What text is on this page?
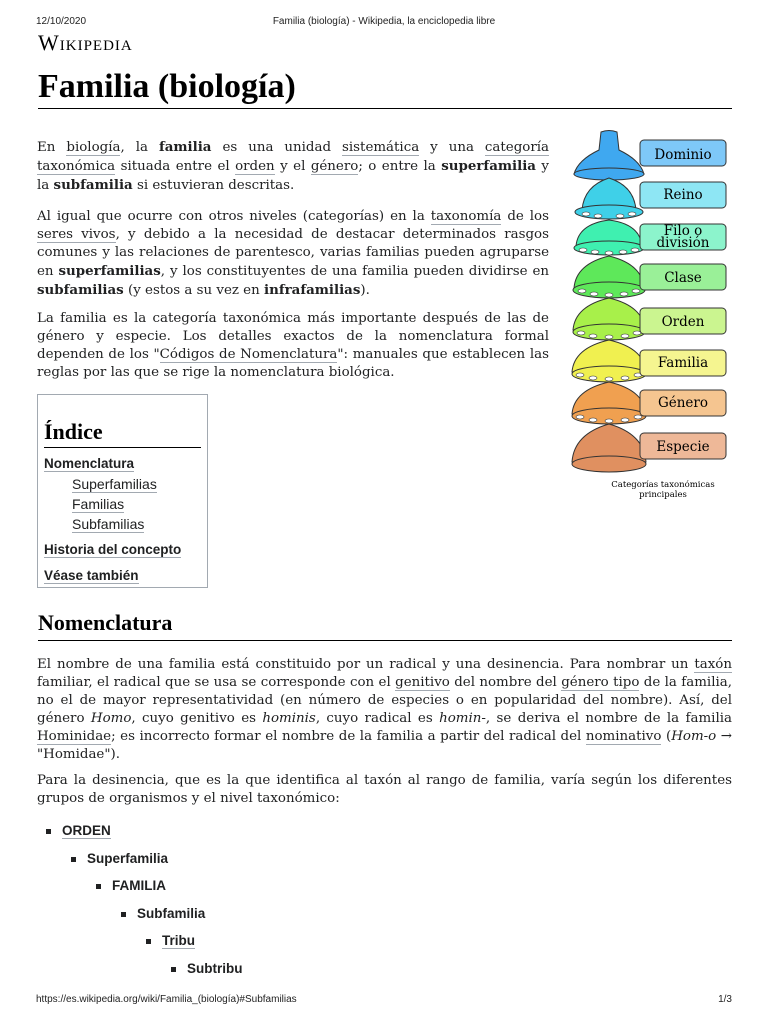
12/10/2020	Familia (biología) - Wikipedia, la enciclopedia libre
Wikipedia
Familia (biología)
En biología, la familia es una unidad sistemática y una categoría taxonómica situada entre el orden y el género; o entre la superfamilia y la subfamilia si estuvieran descritas.
Al igual que ocurre con otros niveles (categorías) en la taxonomía de los seres vivos, y debido a la necesidad de destacar determinados rasgos comunes y las relaciones de parentesco, varias familias pueden agruparse en superfamilias, y los constituyentes de una familia pueden dividirse en subfamilias (y estos a su vez en infrafamilias).
La familia es la categoría taxonómica más importante después de las de género y especie. Los detalles exactos de la nomenclatura formal dependen de los "Códigos de Nomenclatura": manuales que establecen las reglas por las que se rige la nomenclatura biológica.
Índice
Nomenclatura
Superfamilias
Familias
Subfamilias
Historia del concepto
Véase también
Dominio
Reino
Filo o
división
Clase
Orden
Familia
Género
Especie
Categorías taxonómicas
principales
Nomenclatura
El nombre de una familia está constituido por un radical y una desinencia. Para nombrar un taxón familiar, el radical que se usa se corresponde con el genitivo del nombre del género tipo de la familia, no el de mayor representatividad (en número de especies o en popularidad del nombre). Así, del género Homo, cuyo genitivo es hominis, cuyo radical es homin-, se deriva el nombre de la familia Hominidae; es incorrecto formar el nombre de la familia a partir del radical del nominativo (Hom-o → "Homidae").
Para la desinencia, que es la que identifica al taxón al rango de familia, varía según los diferentes grupos de organismos y el nivel taxonómico:
ORDEN
Superfamilia
FAMILIA
Subfamilia
Tribu
Subtribu
https://es.wikipedia.org/wiki/Familia_(biología)#Subfamilias	1/3
